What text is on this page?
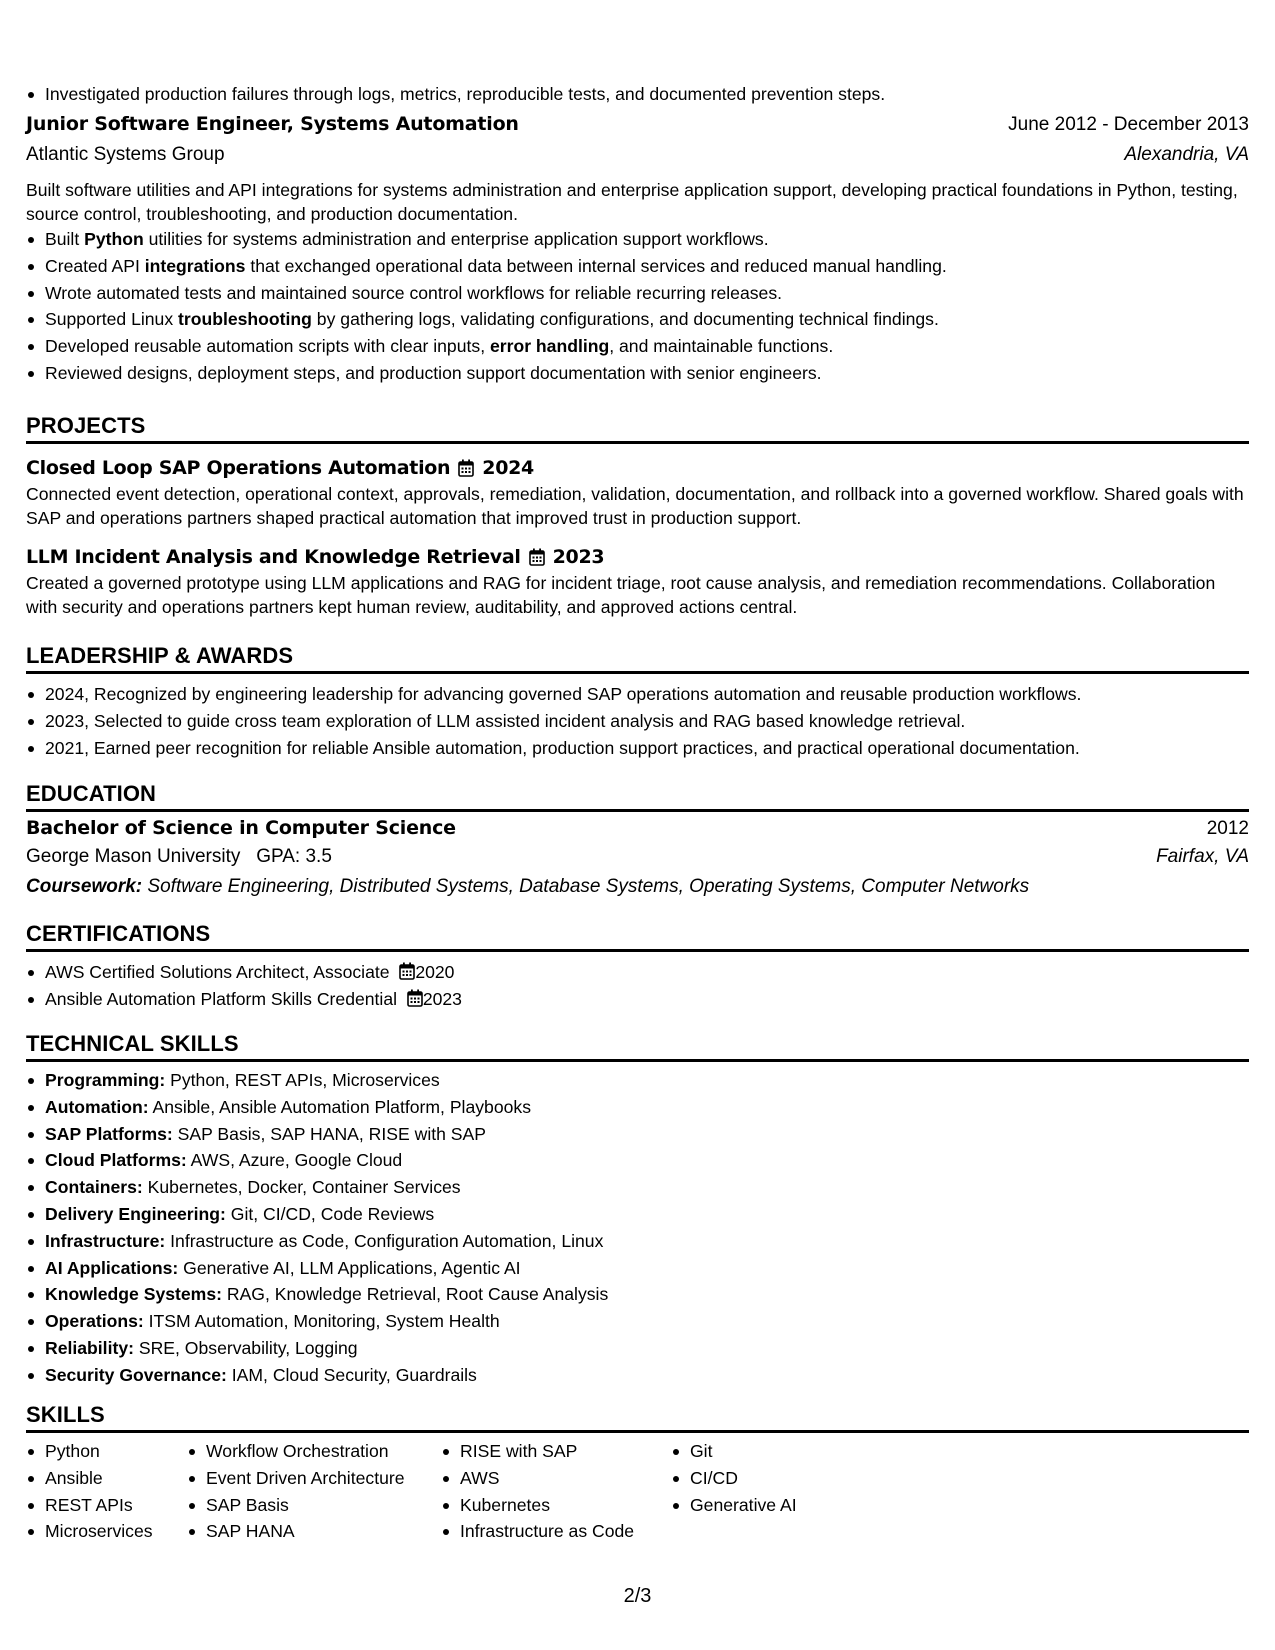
Investigated production failures through logs, metrics, reproducible tests, and documented prevention steps.
Junior Software Engineer, Systems Automation	June 2012 - December 2013
Atlantic Systems Group	Alexandria, VA
Built software utilities and API integrations for systems administration and enterprise application support, developing practical foundations in Python, testing, source control, troubleshooting, and production documentation.
Built Python utilities for systems administration and enterprise application support workflows.
Created API integrations that exchanged operational data between internal services and reduced manual handling.
Wrote automated tests and maintained source control workflows for reliable recurring releases.
Supported Linux troubleshooting by gathering logs, validating configurations, and documenting technical findings.
Developed reusable automation scripts with clear inputs, error handling, and maintainable functions.
Reviewed designs, deployment steps, and production support documentation with senior engineers.
PROJECTS
Closed Loop SAP Operations Automation 2024
Connected event detection, operational context, approvals, remediation, validation, documentation, and rollback into a governed workflow. Shared goals with SAP and operations partners shaped practical automation that improved trust in production support.
LLM Incident Analysis and Knowledge Retrieval 2023
Created a governed prototype using LLM applications and RAG for incident triage, root cause analysis, and remediation recommendations. Collaboration with security and operations partners kept human review, auditability, and approved actions central.
LEADERSHIP & AWARDS
2024, Recognized by engineering leadership for advancing governed SAP operations automation and reusable production workflows.
2023, Selected to guide cross team exploration of LLM assisted incident analysis and RAG based knowledge retrieval.
2021, Earned peer recognition for reliable Ansible automation, production support practices, and practical operational documentation.
EDUCATION
Bachelor of Science in Computer Science	2012
George Mason University GPA: 3.5	Fairfax, VA
Coursework: Software Engineering, Distributed Systems, Database Systems, Operating Systems, Computer Networks
CERTIFICATIONS
AWS Certified Solutions Architect, Associate 2020
Ansible Automation Platform Skills Credential 2023
TECHNICAL SKILLS
Programming: Python, REST APIs, Microservices
Automation: Ansible, Ansible Automation Platform, Playbooks
SAP Platforms: SAP Basis, SAP HANA, RISE with SAP
Cloud Platforms: AWS, Azure, Google Cloud
Containers: Kubernetes, Docker, Container Services
Delivery Engineering: Git, CI/CD, Code Reviews
Infrastructure: Infrastructure as Code, Configuration Automation, Linux
AI Applications: Generative AI, LLM Applications, Agentic AI
Knowledge Systems: RAG, Knowledge Retrieval, Root Cause Analysis
Operations: ITSM Automation, Monitoring, System Health
Reliability: SRE, Observability, Logging
Security Governance: IAM, Cloud Security, Guardrails
SKILLS
Python
Ansible
REST APIs
Microservices
Workflow Orchestration
Event Driven Architecture
SAP Basis
SAP HANA
RISE with SAP
AWS
Kubernetes
Infrastructure as Code
Git
CI/CD
Generative AI
2/3
